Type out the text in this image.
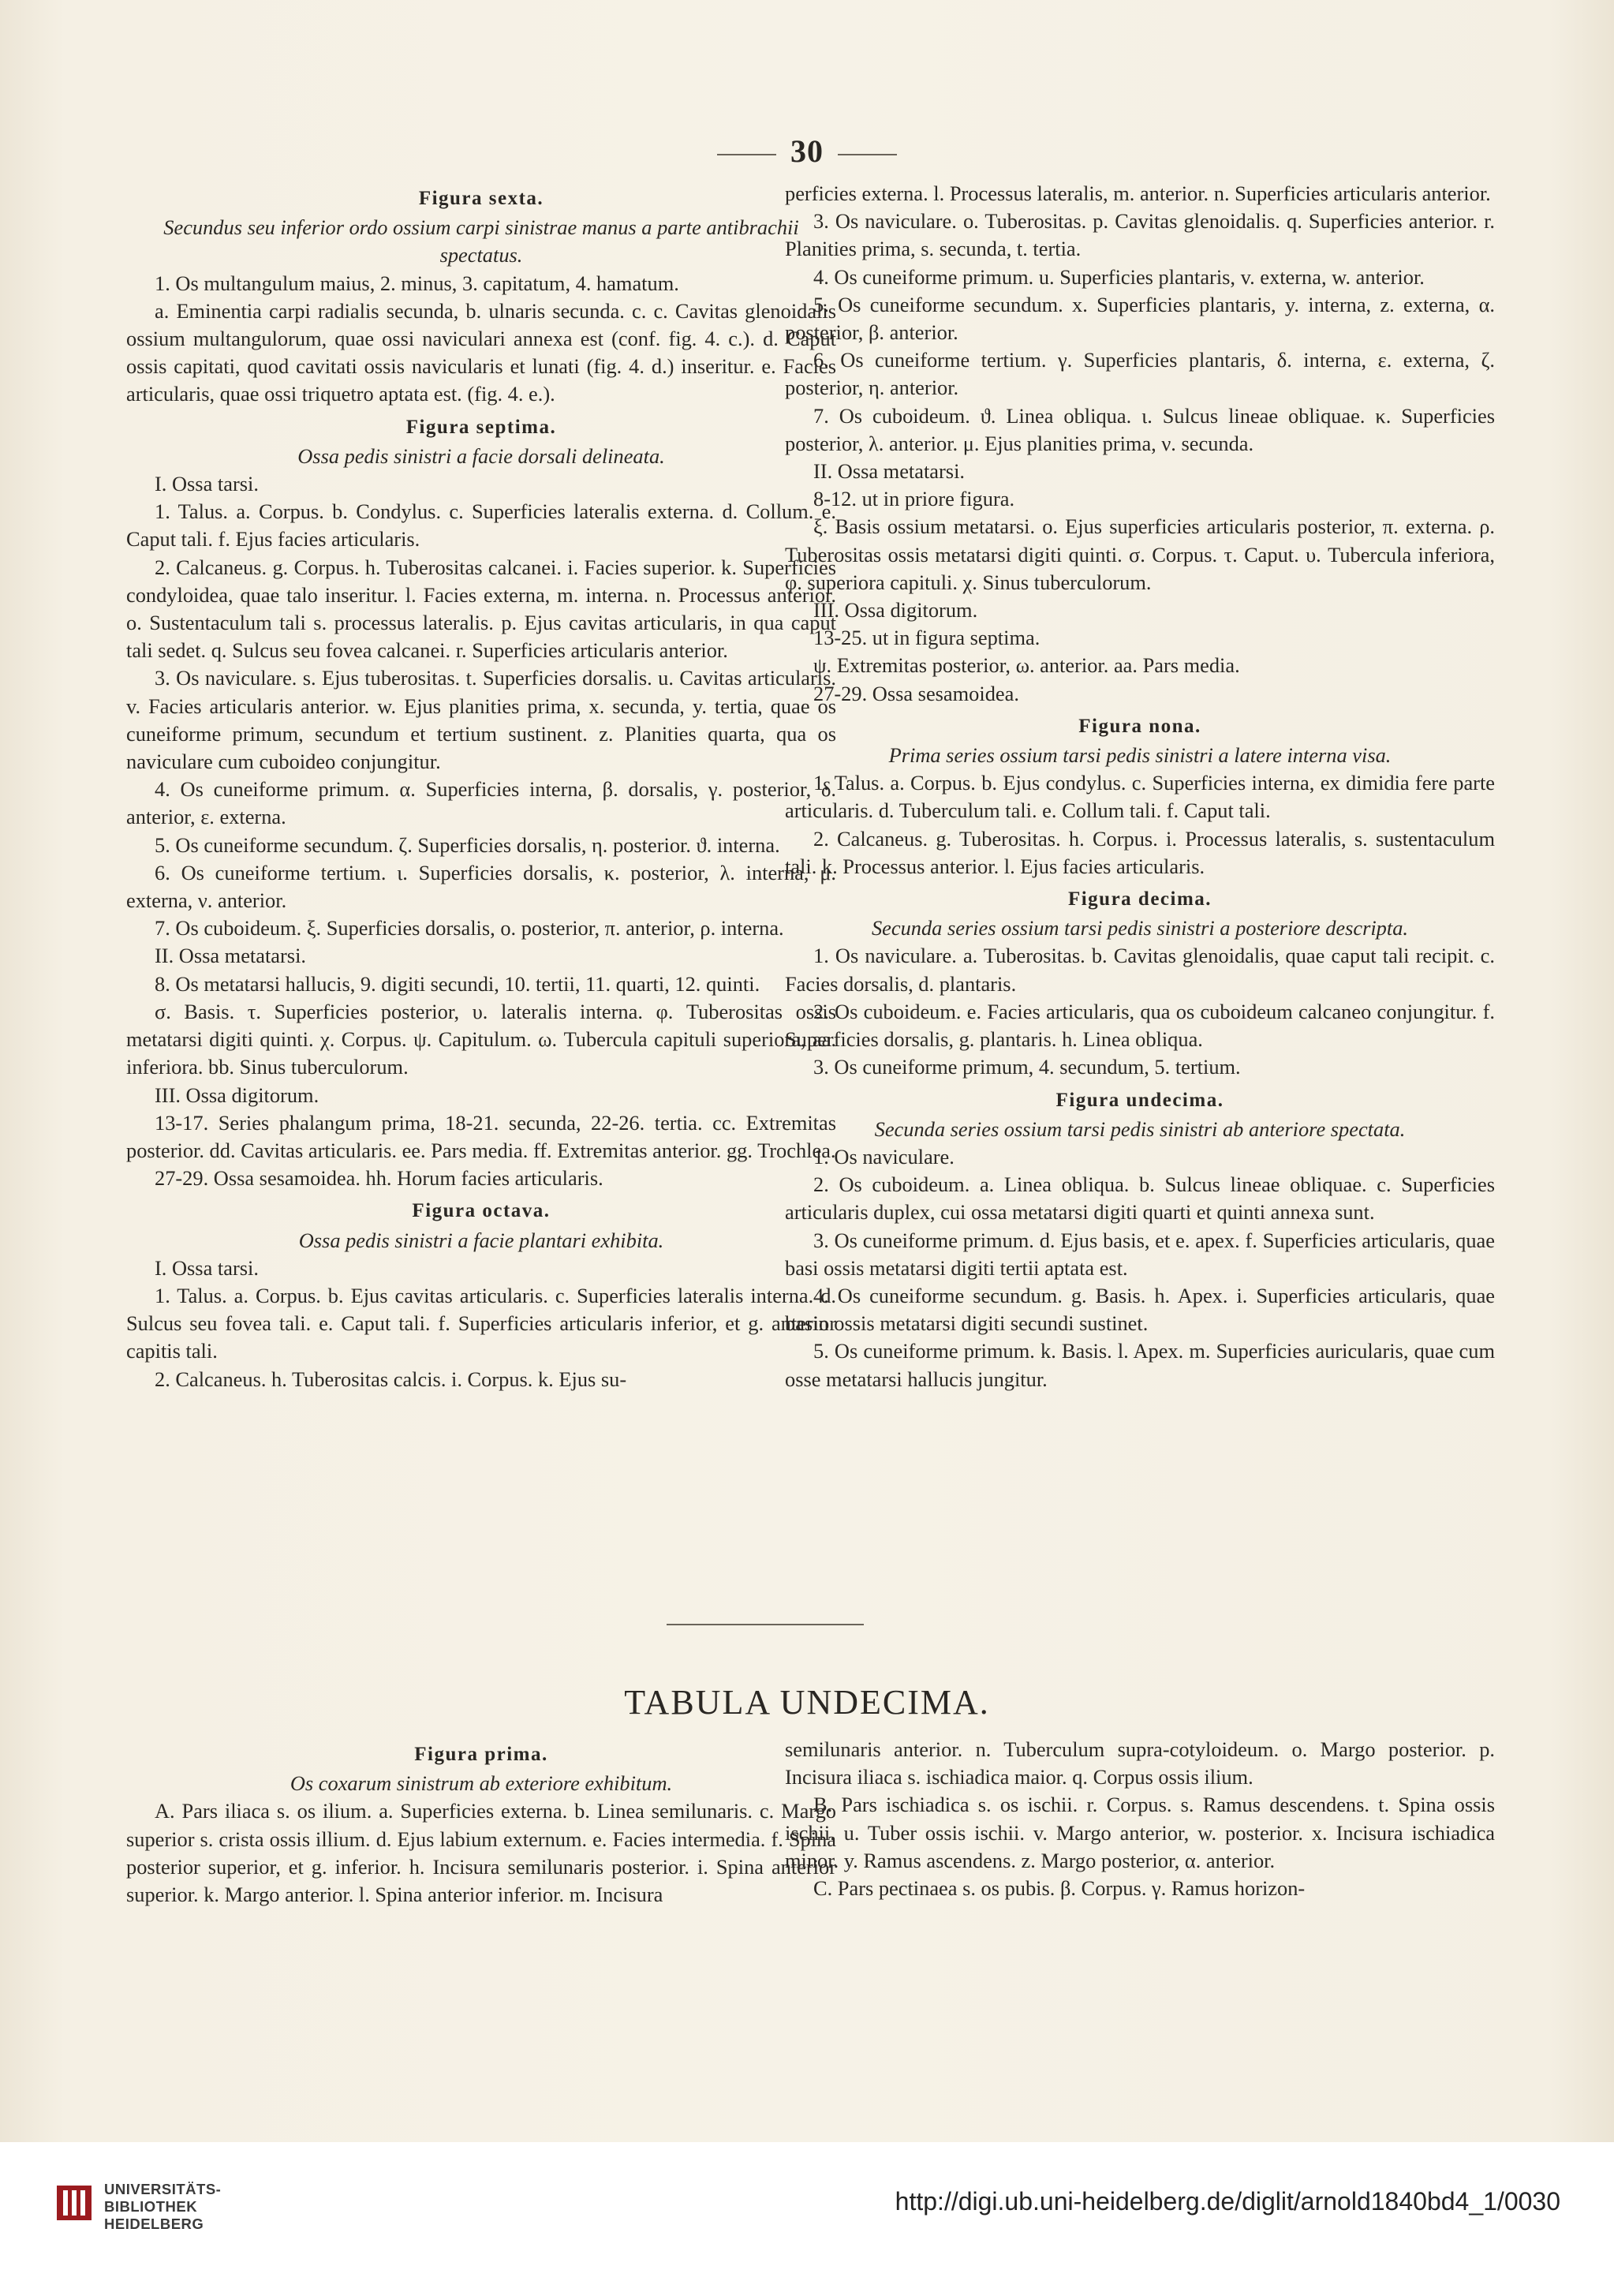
30

Figura sexta.

Secundus seu inferior ordo ossium carpi sinistrae manus a parte antibrachii spectatus.

1. Os multangulum maius, 2. minus, 3. capitatum, 4. hamatum.

a. Eminentia carpi radialis secunda, b. ulnaris secunda. c. c. Cavitas glenoidalis ossium multangulorum, quae ossi naviculari annexa est (conf. fig. 4. c.). d. Caput ossis capitati, quod cavitati ossis navicularis et lunati (fig. 4. d.) inseritur. e. Facies articularis, quae ossi triquetro aptata est. (fig. 4. e.).

Figura septima.

Ossa pedis sinistri a facie dorsali delineata.

I. Ossa tarsi.

1. Talus. a. Corpus. b. Condylus. c. Superficies lateralis externa. d. Collum. e. Caput tali. f. Ejus facies articularis.

2. Calcaneus. g. Corpus. h. Tuberositas calcanei. i. Facies superior. k. Superficies condyloidea, quae talo inseritur. l. Facies externa, m. interna. n. Processus anterior. o. Sustentaculum tali s. processus lateralis. p. Ejus cavitas articularis, in qua caput tali sedet. q. Sulcus seu fovea calcanei. r. Superficies articularis anterior.

3. Os naviculare. s. Ejus tuberositas. t. Superficies dorsalis. u. Cavitas articularis. v. Facies articularis anterior. w. Ejus planities prima, x. secunda, y. tertia, quae os cuneiforme primum, secundum et tertium sustinent. z. Planities quarta, qua os naviculare cum cuboideo conjungitur.

4. Os cuneiforme primum. α. Superficies interna, β. dorsalis, γ. posterior, δ. anterior, ε. externa.

5. Os cuneiforme secundum. ζ. Superficies dorsalis, η. posterior. ϑ. interna.

6. Os cuneiforme tertium. ι. Superficies dorsalis, κ. posterior, λ. interna, μ. externa, ν. anterior.

7. Os cuboideum. ξ. Superficies dorsalis, ο. posterior, π. anterior, ρ. interna.

II. Ossa metatarsi.

8. Os metatarsi hallucis, 9. digiti secundi, 10. tertii, 11. quarti, 12. quinti.

σ. Basis. τ. Superficies posterior, υ. lateralis interna. φ. Tuberositas ossis metatarsi digiti quinti. χ. Corpus. ψ. Capitulum. ω. Tubercula capituli superiora, aa. inferiora. bb. Sinus tuberculorum.

III. Ossa digitorum.

13-17. Series phalangum prima, 18-21. secunda, 22-26. tertia. cc. Extremitas posterior. dd. Cavitas articularis. ee. Pars media. ff. Extremitas anterior. gg. Trochlea.

27-29. Ossa sesamoidea. hh. Horum facies articularis.

Figura octava.

Ossa pedis sinistri a facie plantari exhibita.

I. Ossa tarsi.

1. Talus. a. Corpus. b. Ejus cavitas articularis. c. Superficies lateralis interna. d. Sulcus seu fovea tali. e. Caput tali. f. Superficies articularis inferior, et g. anterior capitis tali.

2. Calcaneus. h. Tuberositas calcis. i. Corpus. k. Ejus su-

perficies externa. l. Processus lateralis, m. anterior. n. Superficies articularis anterior.

3. Os naviculare. o. Tuberositas. p. Cavitas glenoidalis. q. Superficies anterior. r. Planities prima, s. secunda, t. tertia.

4. Os cuneiforme primum. u. Superficies plantaris, v. externa, w. anterior.

5. Os cuneiforme secundum. x. Superficies plantaris, y. interna, z. externa, α. posterior, β. anterior.

6. Os cuneiforme tertium. γ. Superficies plantaris, δ. interna, ε. externa, ζ. posterior, η. anterior.

7. Os cuboideum. ϑ. Linea obliqua. ι. Sulcus lineae obliquae. κ. Superficies posterior, λ. anterior. μ. Ejus planities prima, ν. secunda.

II. Ossa metatarsi.

8-12. ut in priore figura.

ξ. Basis ossium metatarsi. ο. Ejus superficies articularis posterior, π. externa. ρ. Tuberositas ossis metatarsi digiti quinti. σ. Corpus. τ. Caput. υ. Tubercula inferiora, φ. superiora capituli. χ. Sinus tuberculorum.

III. Ossa digitorum.

13-25. ut in figura septima.

ψ. Extremitas posterior, ω. anterior. aa. Pars media.

27-29. Ossa sesamoidea.

Figura nona.

Prima series ossium tarsi pedis sinistri a latere interna visa.

1. Talus. a. Corpus. b. Ejus condylus. c. Superficies interna, ex dimidia fere parte articularis. d. Tuberculum tali. e. Collum tali. f. Caput tali.

2. Calcaneus. g. Tuberositas. h. Corpus. i. Processus lateralis, s. sustentaculum tali. k. Processus anterior. l. Ejus facies articularis.

Figura decima.

Secunda series ossium tarsi pedis sinistri a posteriore descripta.

1. Os naviculare. a. Tuberositas. b. Cavitas glenoidalis, quae caput tali recipit. c. Facies dorsalis, d. plantaris.

2. Os cuboideum. e. Facies articularis, qua os cuboideum calcaneo conjungitur. f. Superficies dorsalis, g. plantaris. h. Linea obliqua.

3. Os cuneiforme primum, 4. secundum, 5. tertium.

Figura undecima.

Secunda series ossium tarsi pedis sinistri ab anteriore spectata.

1. Os naviculare.

2. Os cuboideum. a. Linea obliqua. b. Sulcus lineae obliquae. c. Superficies articularis duplex, cui ossa metatarsi digiti quarti et quinti annexa sunt.

3. Os cuneiforme primum. d. Ejus basis, et e. apex. f. Superficies articularis, quae basi ossis metatarsi digiti tertii aptata est.

4. Os cuneiforme secundum. g. Basis. h. Apex. i. Superficies articularis, quae basin ossis metatarsi digiti secundi sustinet.

5. Os cuneiforme primum. k. Basis. l. Apex. m. Superficies auricularis, quae cum osse metatarsi hallucis jungitur.

TABULA UNDECIMA.

Figura prima.

Os coxarum sinistrum ab exteriore exhibitum.

A. Pars iliaca s. os ilium. a. Superficies externa. b. Linea semilunaris. c. Margo superior s. crista ossis illium. d. Ejus labium externum. e. Facies intermedia. f. Spina posterior superior, et g. inferior. h. Incisura semilunaris posterior. i. Spina anterior superior. k. Margo anterior. l. Spina anterior inferior. m. Incisura

semilunaris anterior. n. Tuberculum supra-cotyloideum. o. Margo posterior. p. Incisura iliaca s. ischiadica maior. q. Corpus ossis ilium.

B. Pars ischiadica s. os ischii. r. Corpus. s. Ramus descendens. t. Spina ossis ischii. u. Tuber ossis ischii. v. Margo anterior, w. posterior. x. Incisura ischiadica minor. y. Ramus ascendens. z. Margo posterior, α. anterior.

C. Pars pectinaea s. os pubis. β. Corpus. γ. Ramus horizon-

UNIVERSITÄTS-
BIBLIOTHEK
HEIDELBERG
http://digi.ub.uni-heidelberg.de/diglit/arnold1840bd4_1/0030
